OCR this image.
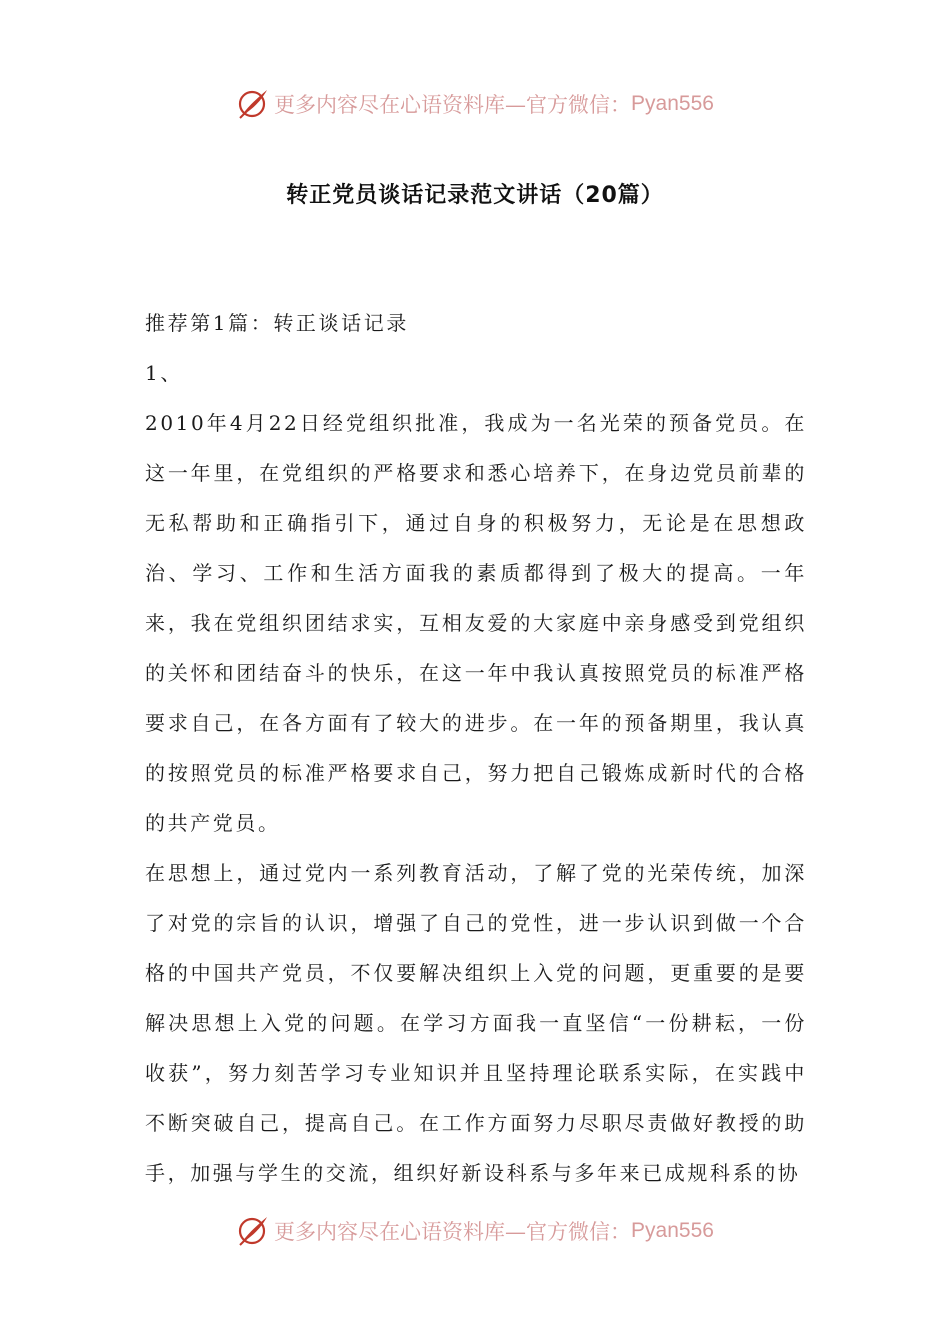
更多内容尽在心语资料库—官方微信： Pyan556
转正党员谈话记录范文讲话（20篇）

推荐第1篇：转正谈话记录

1、

2010年4月22日经党组织批准，我成为一名光荣的预备党员。在这一年里，在党组织的严格要求和悉心培养下，在身边党员前辈的无私帮助和正确指引下，通过自身的积极努力，无论是在思想政治、学习、工作和生活方面我的素质都得到了极大的提高。一年来，我在党组织团结求实，互相友爱的大家庭中亲身感受到党组织的关怀和团结奋斗的快乐，在这一年中我认真按照党员的标准严格要求自己，在各方面有了较大的进步。在一年的预备期里，我认真的按照党员的标准严格要求自己，努力把自己锻炼成新时代的合格的共产党员。

在思想上，通过党内一系列教育活动，了解了党的光荣传统，加深了对党的宗旨的认识，增强了自己的党性，进一步认识到做一个合格的中国共产党员，不仅要解决组织上入党的问题，更重要的是要解决思想上入党的问题。在学习方面我一直坚信“一份耕耘，一份收获”，努力刻苦学习专业知识并且坚持理论联系实际，在实践中不断突破自己，提高自己。在工作方面努力尽职尽责做好教授的助手，加强与学生的交流，组织好新设科系与多年来已成规科系的协

更多内容尽在心语资料库—官方微信： Pyan556
